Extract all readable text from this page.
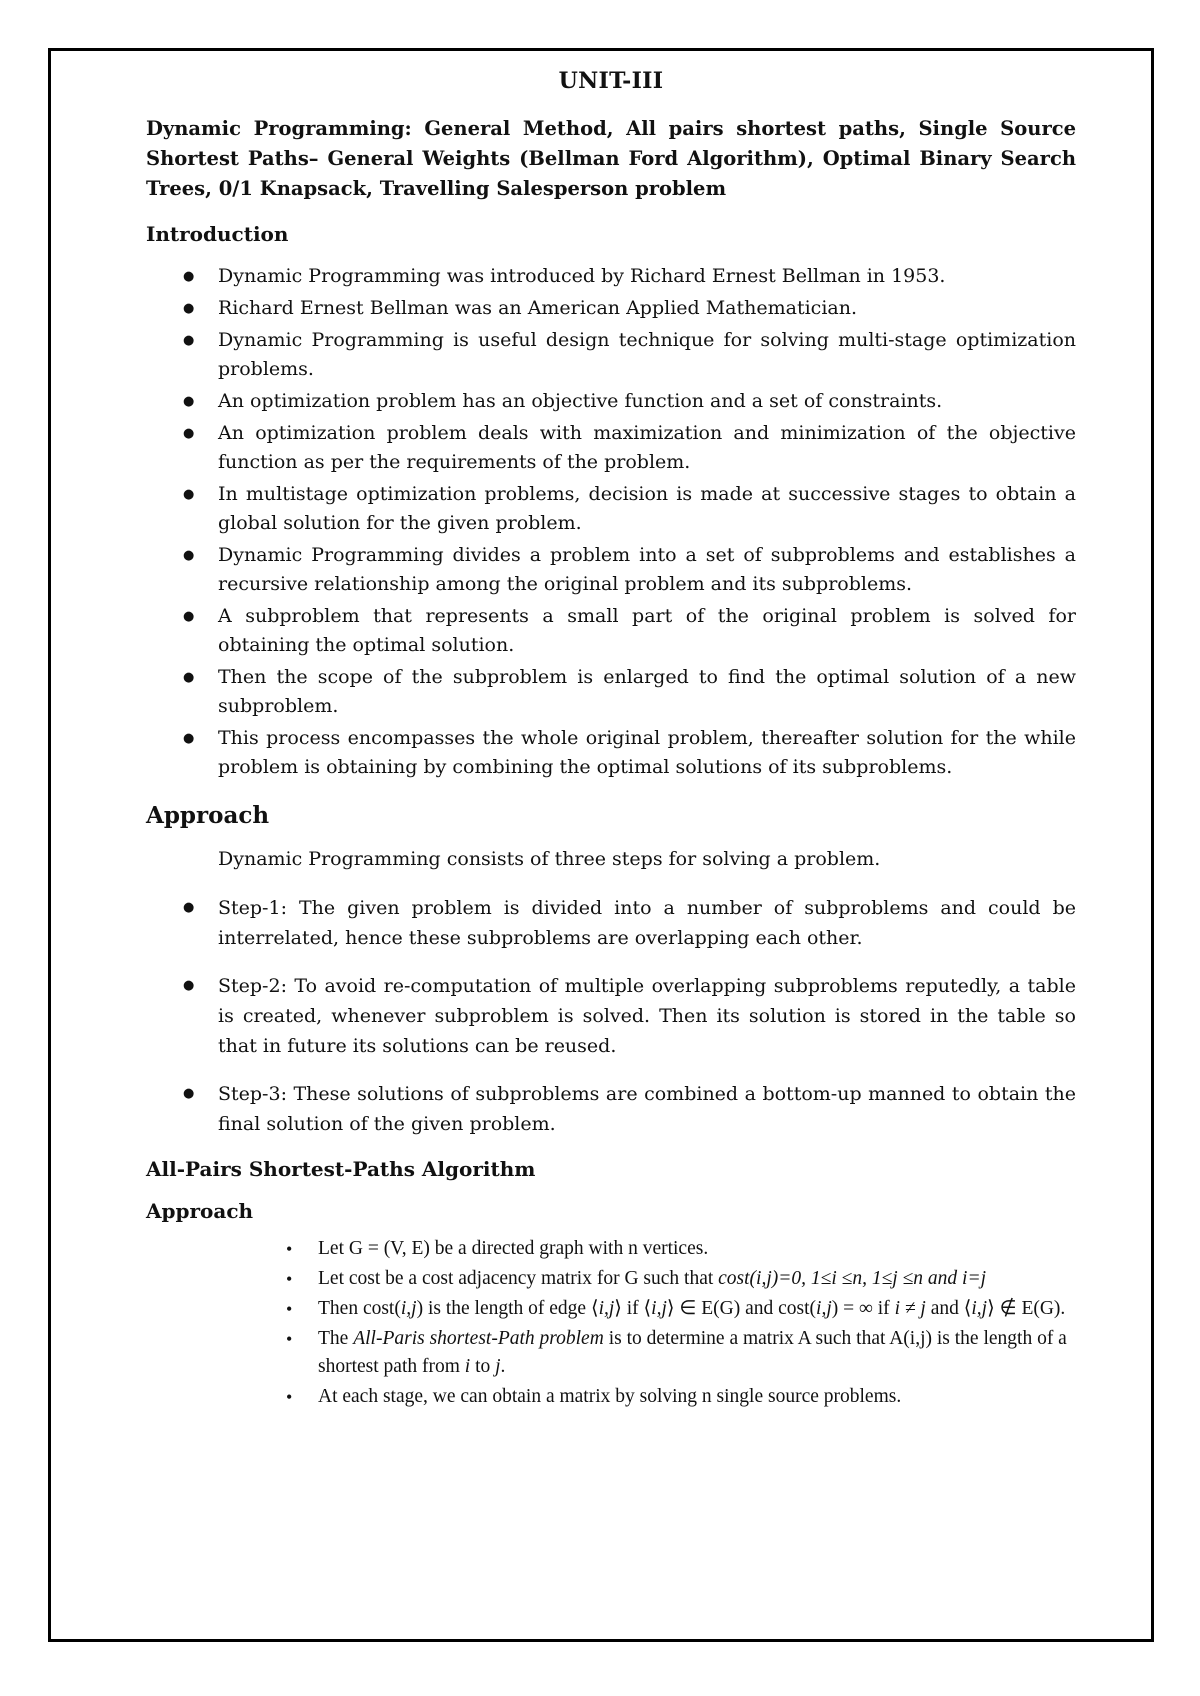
UNIT-III
Dynamic Programming: General Method, All pairs shortest paths, Single Source Shortest Paths– General Weights (Bellman Ford Algorithm), Optimal Binary Search Trees, 0/1 Knapsack, Travelling Salesperson problem
Introduction
● Dynamic Programming was introduced by Richard Ernest Bellman in 1953.
● Richard Ernest Bellman was an American Applied Mathematician.
● Dynamic Programming is useful design technique for solving multi-stage optimization problems.
● An optimization problem has an objective function and a set of constraints.
● An optimization problem deals with maximization and minimization of the objective function as per the requirements of the problem.
● In multistage optimization problems, decision is made at successive stages to obtain a global solution for the given problem.
● Dynamic Programming divides a problem into a set of subproblems and establishes a recursive relationship among the original problem and its subproblems.
● A subproblem that represents a small part of the original problem is solved for obtaining the optimal solution.
● Then the scope of the subproblem is enlarged to find the optimal solution of a new subproblem.
● This process encompasses the whole original problem, thereafter solution for the while problem is obtaining by combining the optimal solutions of its subproblems.
Approach

Dynamic Programming consists of three steps for solving a problem.

● Step-1: The given problem is divided into a number of subproblems and could be interrelated, hence these subproblems are overlapping each other.
● Step-2: To avoid re-computation of multiple overlapping subproblems reputedly, a table is created, whenever subproblem is solved. Then its solution is stored in the table so that in future its solutions can be reused.
● Step-3: These solutions of subproblems are combined a bottom-up manned to obtain the final solution of the given problem.
All-Pairs Shortest-Paths Algorithm
Approach
• Let G = (V, E) be a directed graph with n vertices.
• Let cost be a cost adjacency matrix for G such that cost(i,j)=0, 1≤i ≤n, 1≤j ≤n and i=j
• Then cost(i,j) is the length of edge ⟨i,j⟩ if ⟨i,j⟩ ∈ E(G) and cost(i,j) = ∞ if i ≠ j and ⟨i,j⟩ ∉ E(G).
• The All-Paris shortest-Path problem is to determine a matrix A such that A(i,j) is the length of a shortest path from i to j.
• At each stage, we can obtain a matrix by solving n single source problems.
